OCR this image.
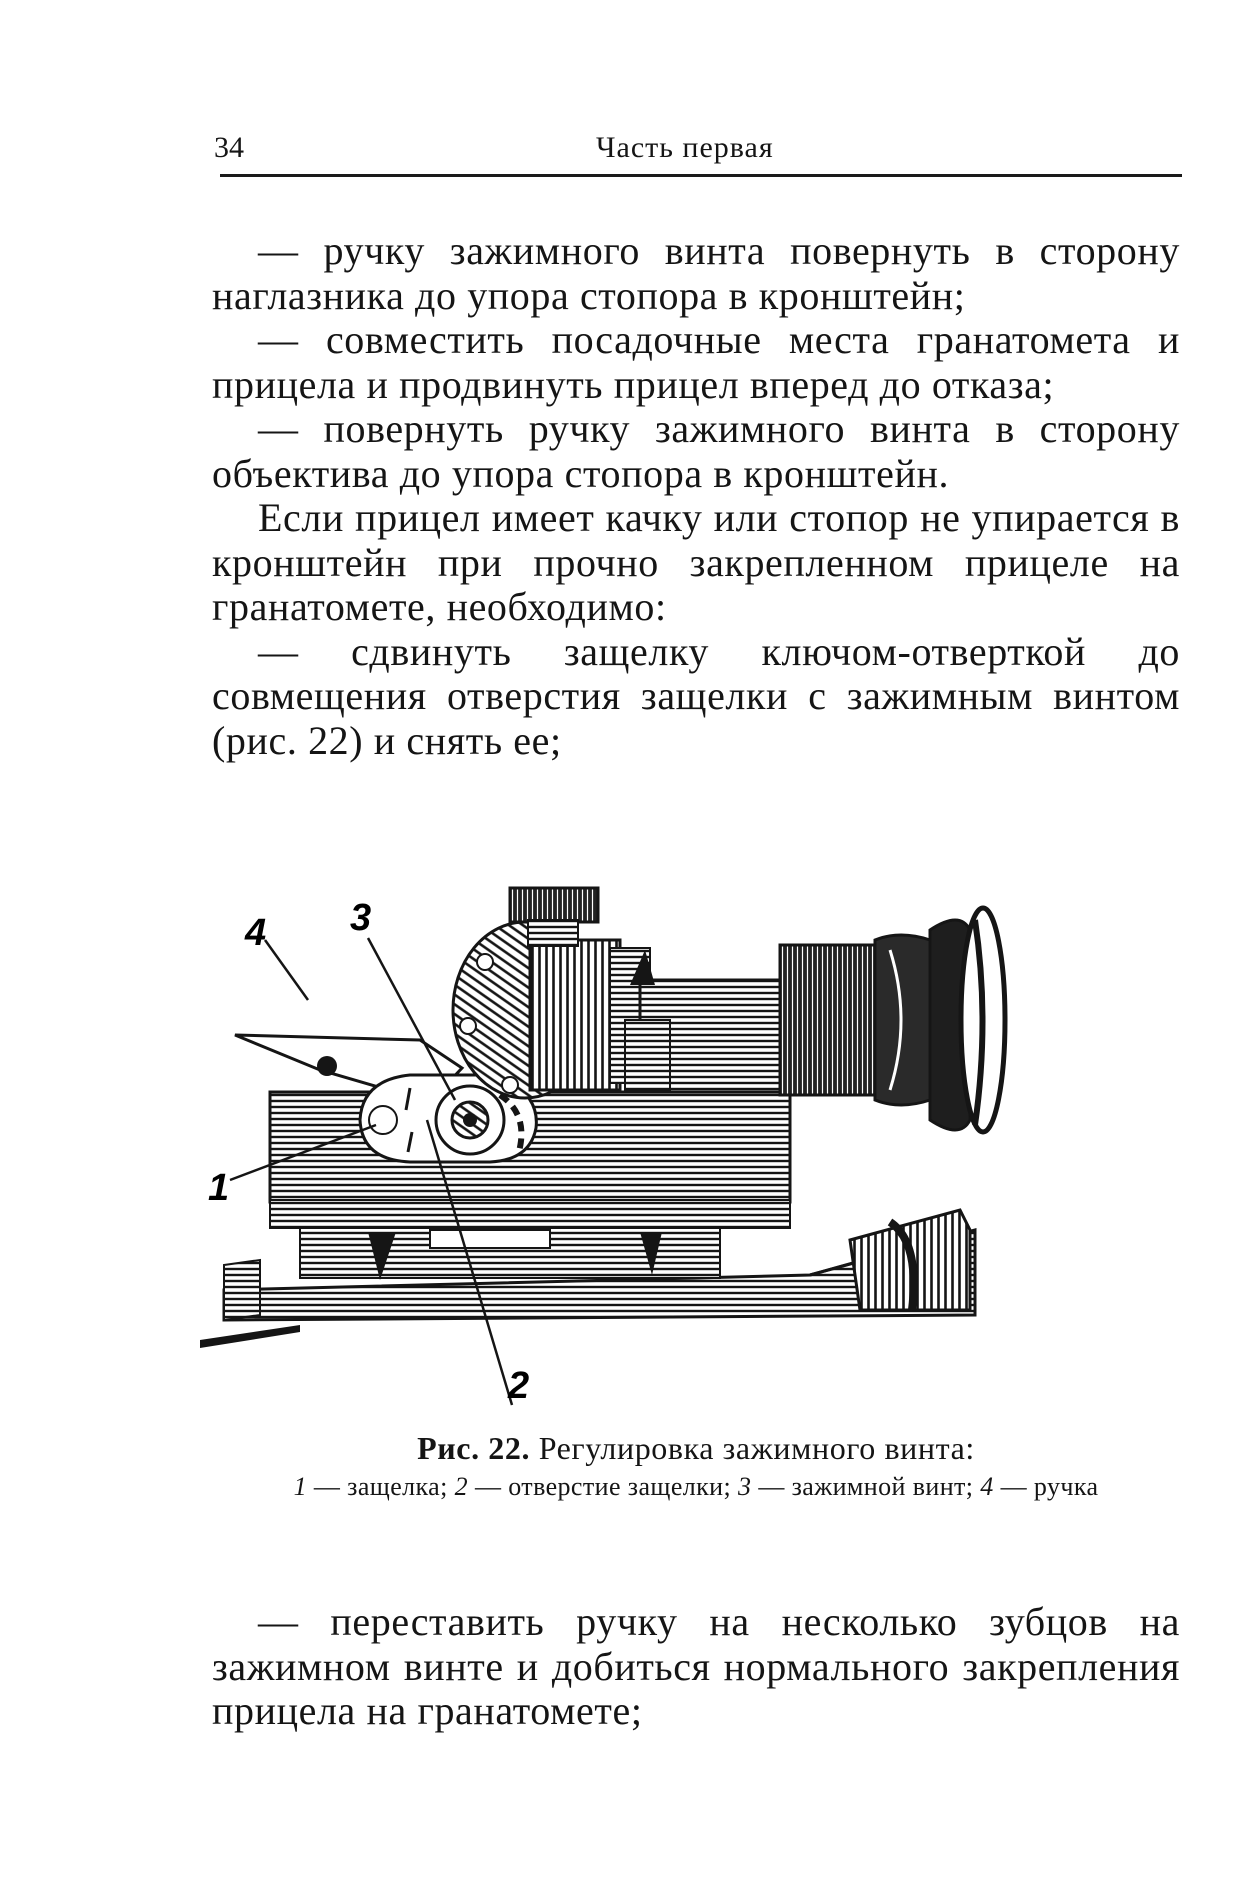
34	Часть первая

— ручку зажимного винта повернуть в сторону наглазника до упора стопора в кронштейн;

— совместить посадочные места гранатомета и прицела и продвинуть прицел вперед до отказа;

— повернуть ручку зажимного винта в сторону объектива до упора стопора в кронштейн.

Если прицел имеет качку или стопор не упирается в кронштейн при прочно закрепленном прицеле на гранатомете, необходимо:

— сдвинуть защелку ключом-отверткой до совмещения отверстия защелки с зажимным винтом (рис. 22) и снять ее;

4 3
1
2
Рис. 22. Регулировка зажимного винта:
1 — защелка; 2 — отверстие защелки; 3 — зажимной винт; 4 — ручка

— переставить ручку на несколько зубцов на зажимном винте и добиться нормального закрепления прицела на гранатомете;
